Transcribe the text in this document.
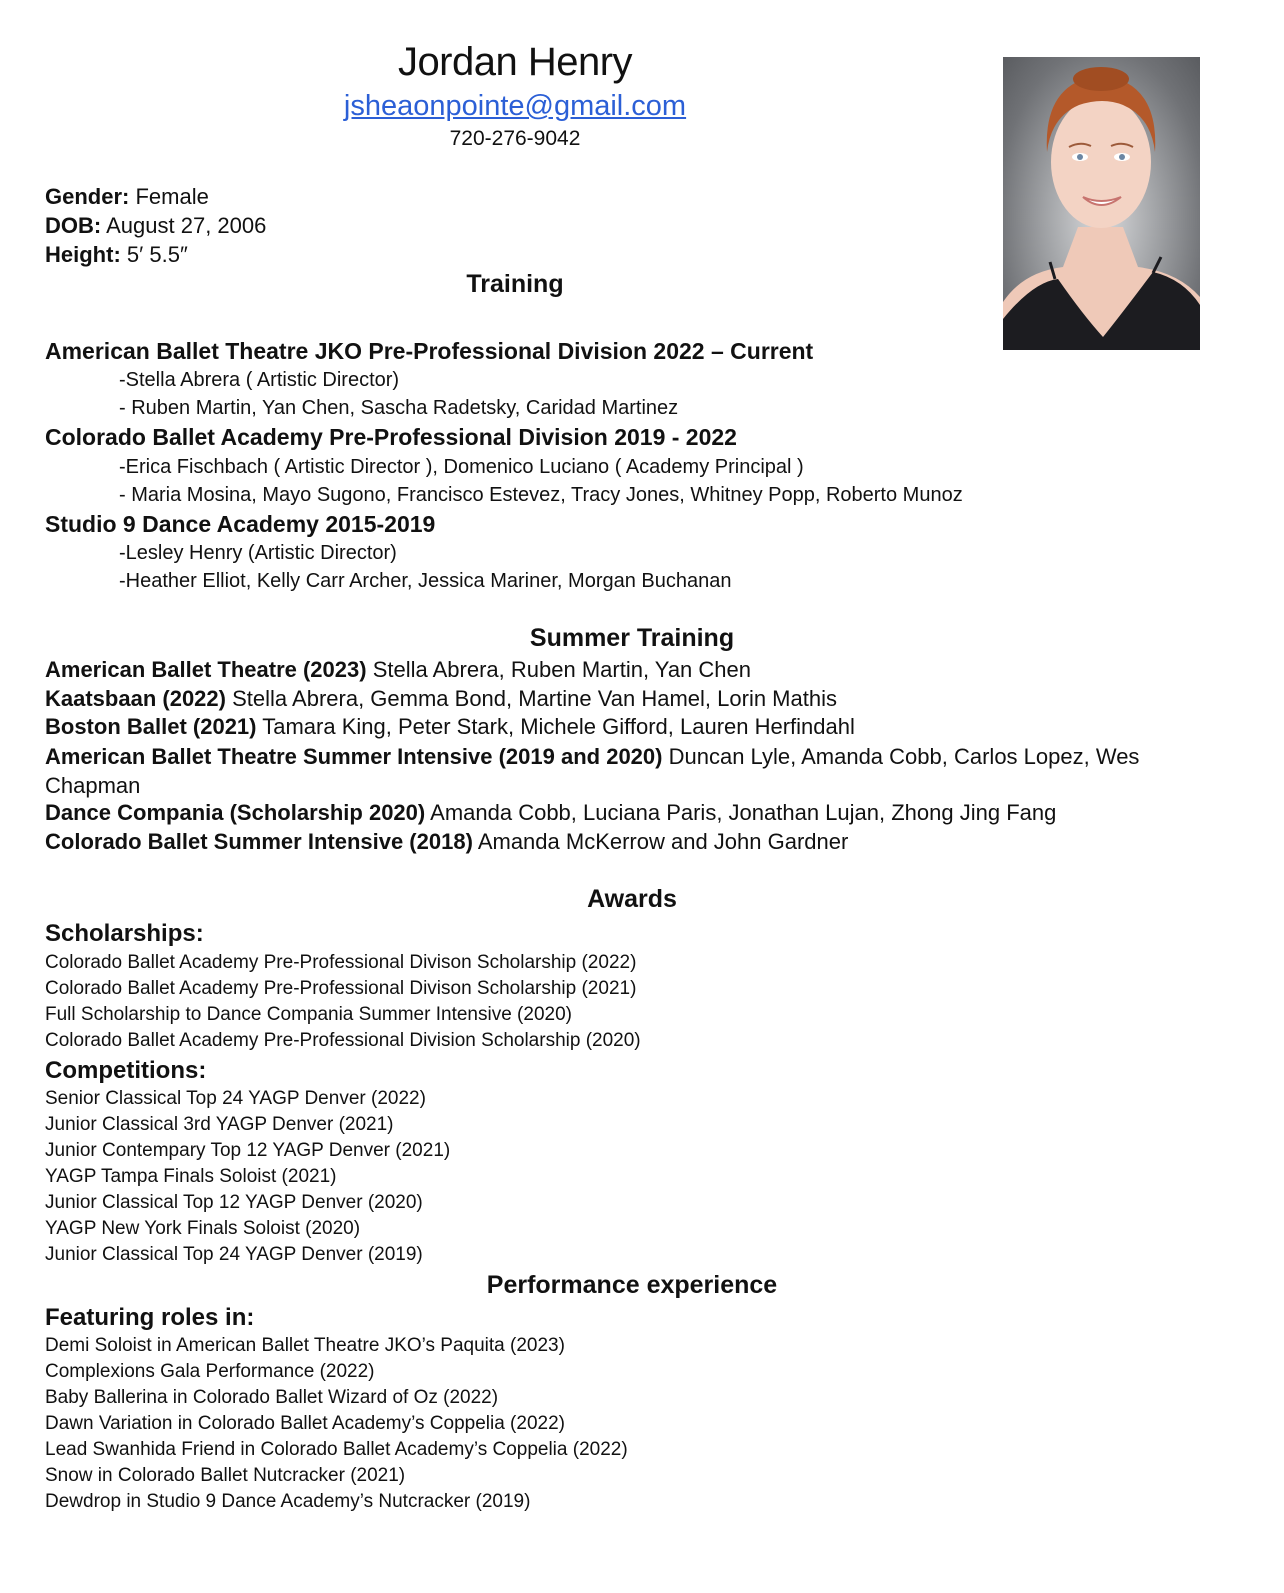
Jordan Henry
jsheaonpointe@gmail.com
720-276-9042
Gender: Female
DOB: August 27, 2006
Height: 5′ 5.5″
Training
American Ballet Theatre JKO Pre-Professional Division 2022 – Current
-Stella Abrera ( Artistic Director)
- Ruben Martin, Yan Chen, Sascha Radetsky, Caridad Martinez
Colorado Ballet Academy Pre-Professional Division 2019 - 2022
-Erica Fischbach ( Artistic Director ), Domenico Luciano ( Academy Principal )
- Maria Mosina, Mayo Sugono, Francisco Estevez, Tracy Jones, Whitney Popp, Roberto Munoz
Studio 9 Dance Academy 2015-2019
-Lesley Henry (Artistic Director)
-Heather Elliot, Kelly Carr Archer, Jessica Mariner, Morgan Buchanan
Summer Training
American Ballet Theatre (2023) Stella Abrera, Ruben Martin, Yan Chen
Kaatsbaan (2022) Stella Abrera, Gemma Bond, Martine Van Hamel, Lorin Mathis
Boston Ballet (2021) Tamara King, Peter Stark, Michele Gifford, Lauren Herfindahl
American Ballet Theatre Summer Intensive (2019 and 2020) Duncan Lyle, Amanda Cobb, Carlos Lopez, Wes Chapman
Dance Compania (Scholarship 2020) Amanda Cobb, Luciana Paris, Jonathan Lujan, Zhong Jing Fang
Colorado Ballet Summer Intensive (2018) Amanda McKerrow and John Gardner
Awards
Scholarships:
Colorado Ballet Academy Pre-Professional Divison Scholarship (2022)
Colorado Ballet Academy Pre-Professional Divison Scholarship (2021)
Full Scholarship to Dance Compania Summer Intensive (2020)
Colorado Ballet Academy Pre-Professional Division Scholarship (2020)
Competitions:
Senior Classical Top 24 YAGP Denver (2022)
Junior Classical 3rd YAGP Denver (2021)
Junior Contempary Top 12 YAGP Denver (2021)
YAGP Tampa Finals Soloist (2021)
Junior Classical Top 12 YAGP Denver (2020)
YAGP New York Finals Soloist (2020)
Junior Classical Top 24 YAGP Denver (2019)
Performance experience
Featuring roles in:
Demi Soloist in American Ballet Theatre JKO’s Paquita (2023)
Complexions Gala Performance (2022)
Baby Ballerina in Colorado Ballet Wizard of Oz (2022)
Dawn Variation in Colorado Ballet Academy’s Coppelia (2022)
Lead Swanhida Friend in Colorado Ballet Academy’s Coppelia (2022)
Snow in Colorado Ballet Nutcracker (2021)
Dewdrop in Studio 9 Dance Academy’s Nutcracker (2019)
